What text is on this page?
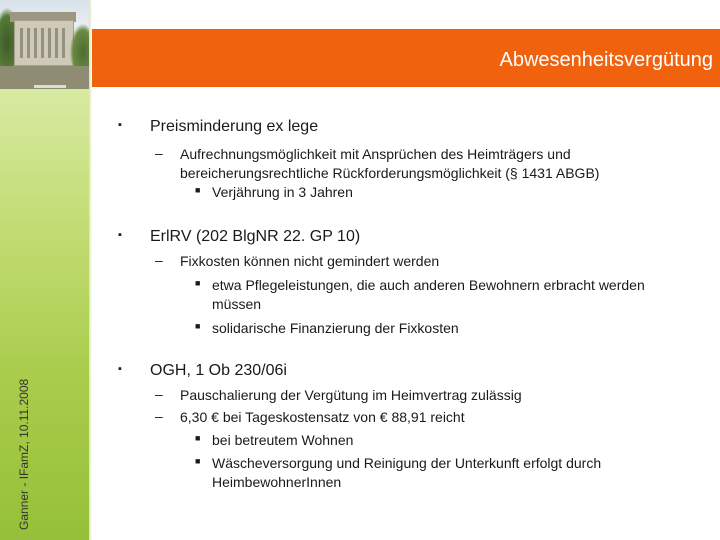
Ganner - IFamZ, 10.11.2008
Abwesenheitsvergütung
▪ Preisminderung ex lege
– Aufrechnungsmöglichkeit mit Ansprüchen des Heimträgers und bereicherungsrechtliche Rückforderungsmöglichkeit (§ 1431 ABGB)
■ Verjährung in 3 Jahren
▪ ErlRV (202 BlgNR 22. GP 10)
– Fixkosten können nicht gemindert werden
■ etwa Pflegeleistungen, die auch anderen Bewohnern erbracht werden müssen
■ solidarische Finanzierung der Fixkosten
▪ OGH, 1 Ob 230/06i
– Pauschalierung der Vergütung im Heimvertrag zulässig
– 6,30 € bei Tageskostensatz von € 88,91 reicht
■ bei betreutem Wohnen
■ Wäscheversorgung und Reinigung der Unterkunft erfolgt durch HeimbewohnerInnen
